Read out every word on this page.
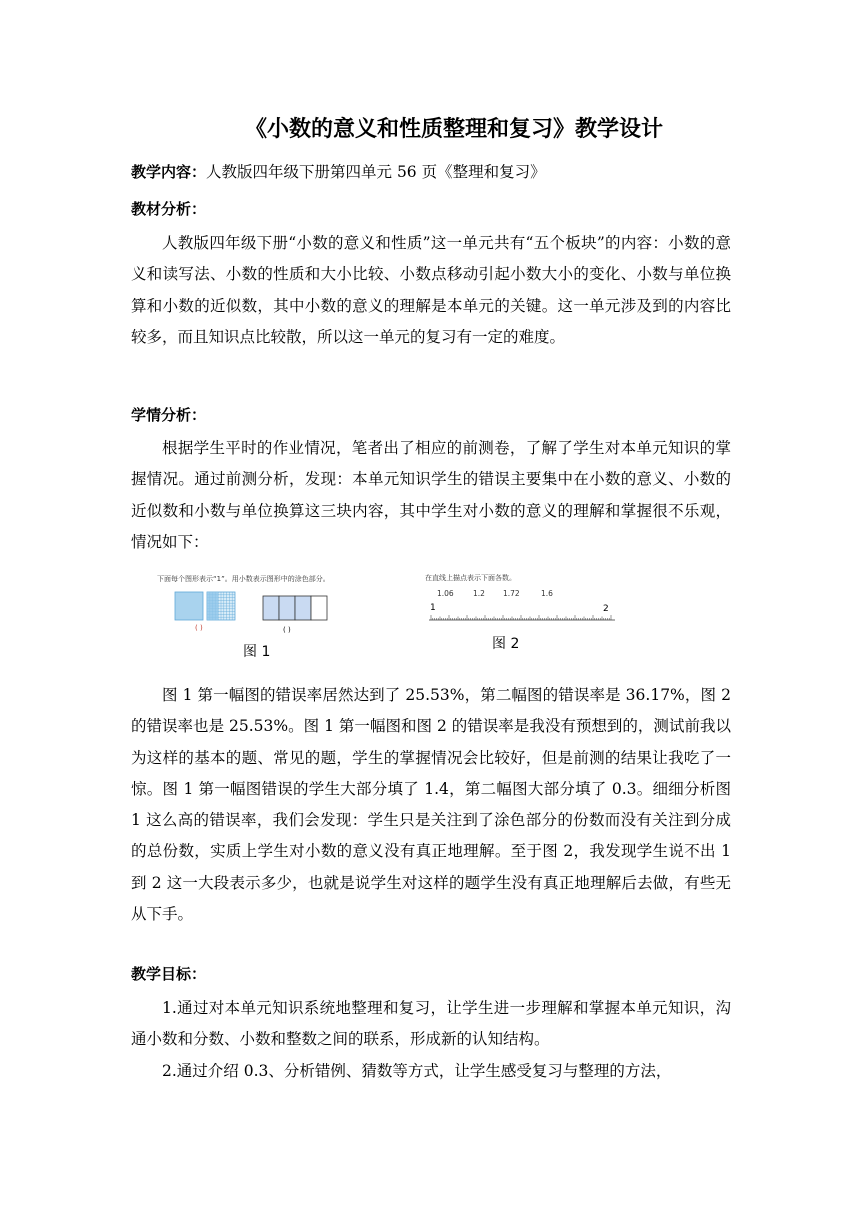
《小数的意义和性质整理和复习》教学设计
教学内容：人教版四年级下册第四单元 56 页《整理和复习》
教材分析：
人教版四年级下册“小数的意义和性质”这一单元共有“五个板块”的内容：小数的意义和读写法、小数的性质和大小比较、小数点移动引起小数大小的变化、小数与单位换算和小数的近似数，其中小数的意义的理解是本单元的关键。这一单元涉及到的内容比较多，而且知识点比较散，所以这一单元的复习有一定的难度。
学情分析：
根据学生平时的作业情况，笔者出了相应的前测卷，了解了学生对本单元知识的掌握情况。通过前测分析，发现：本单元知识学生的错误主要集中在小数的意义、小数的近似数和小数与单位换算这三块内容，其中学生对小数的意义的理解和掌握很不乐观，情况如下：
下面每个图形表示“1”。用小数表示图形中的涂色部分。
( )	( )
图 1
在直线上描点表示下面各数。
1.06	1.2 1.72	1.6
1	2
图 2
图 1 第一幅图的错误率居然达到了 25.53%，第二幅图的错误率是 36.17%，图 2 的错误率也是 25.53%。图 1 第一幅图和图 2 的错误率是我没有预想到的，测试前我以为这样的基本的题、常见的题，学生的掌握情况会比较好，但是前测的结果让我吃了一惊。图 1 第一幅图错误的学生大部分填了 1.4，第二幅图大部分填了 0.3。细细分析图 1 这么高的错误率，我们会发现：学生只是关注到了涂色部分的份数而没有关注到分成的总份数，实质上学生对小数的意义没有真正地理解。至于图 2，我发现学生说不出 1 到 2 这一大段表示多少，也就是说学生对这样的题学生没有真正地理解后去做，有些无从下手。
教学目标：
1.通过对本单元知识系统地整理和复习，让学生进一步理解和掌握本单元知识，沟通小数和分数、小数和整数之间的联系，形成新的认知结构。
2.通过介绍 0.3、分析错例、猜数等方式，让学生感受复习与整理的方法，
